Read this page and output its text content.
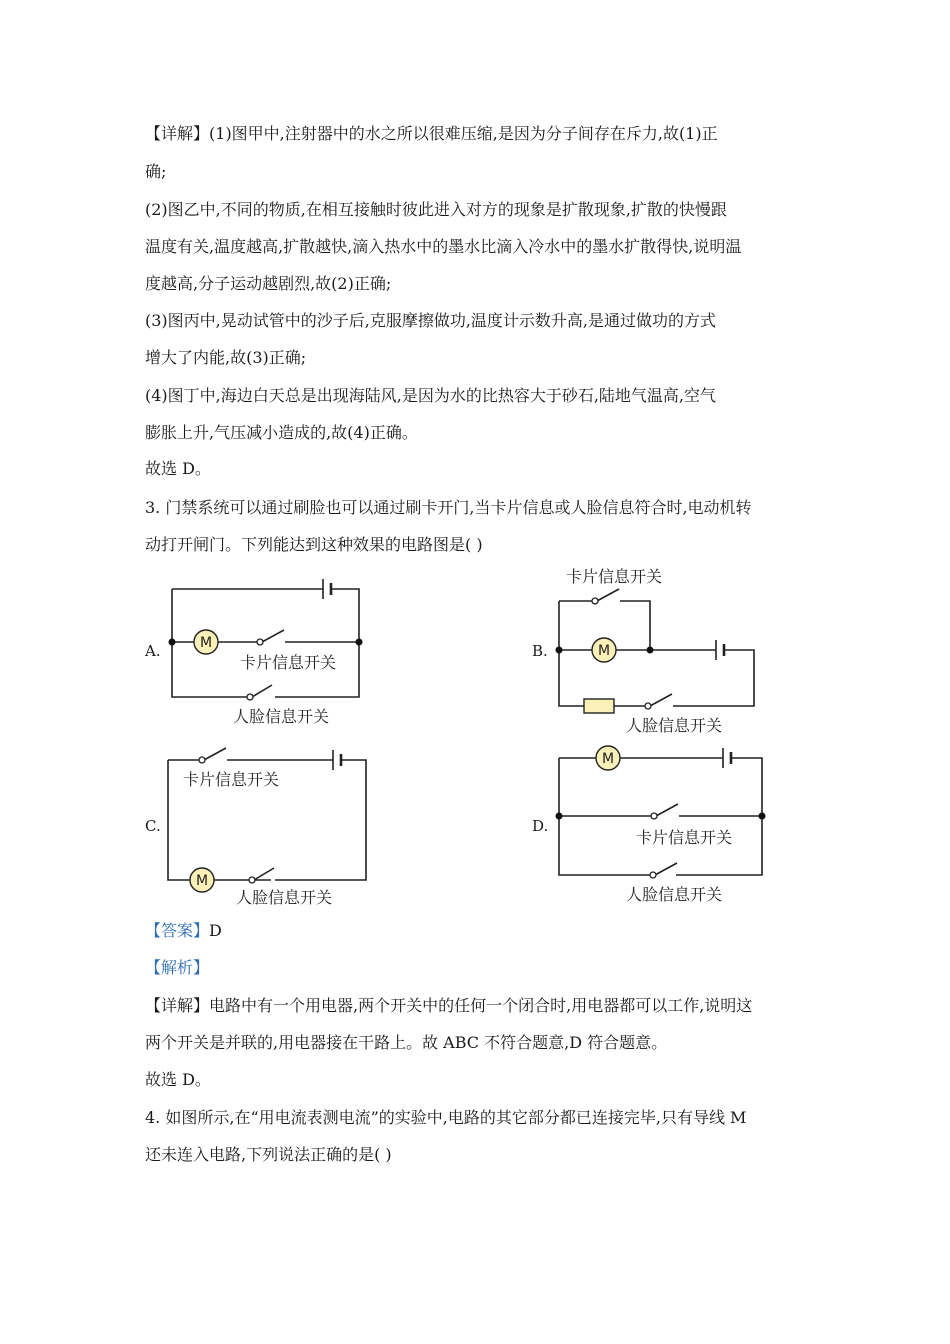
【详解】(1)图甲中,注射器中的水之所以很难压缩,是因为分子间存在斥力,故(1)正
确;
(2)图乙中,不同的物质,在相互接触时彼此进入对方的现象是扩散现象,扩散的快慢跟
温度有关,温度越高,扩散越快,滴入热水中的墨水比滴入冷水中的墨水扩散得快,说明温
度越高,分子运动越剧烈,故(2)正确;
(3)图丙中,晃动试管中的沙子后,克服摩擦做功,温度计示数升高,是通过做功的方式
增大了内能,故(3)正确;
(4)图丁中,海边白天总是出现海陆风,是因为水的比热容大于砂石,陆地气温高,空气
膨胀上升,气压减小造成的,故(4)正确。
故选 D。
3. 门禁系统可以通过刷脸也可以通过刷卡开门,当卡片信息或人脸信息符合时,电动机转
动打开闸门。下列能达到这种效果的电路图是( )
A.	B.
C.	D.
M	M
M
M
卡片信息开关
人脸信息开关
卡片信息开关
人脸信息开关
卡片信息开关
人脸信息开关
卡片信息开关
人脸信息开关
【答案】D
【解析】
【详解】电路中有一个用电器,两个开关中的任何一个闭合时,用电器都可以工作,说明这
两个开关是并联的,用电器接在干路上。故 ABC 不符合题意,D 符合题意。
故选 D。
4. 如图所示,在“用电流表测电流”的实验中,电路的其它部分都已连接完毕,只有导线 M
还未连入电路,下列说法正确的是( )
